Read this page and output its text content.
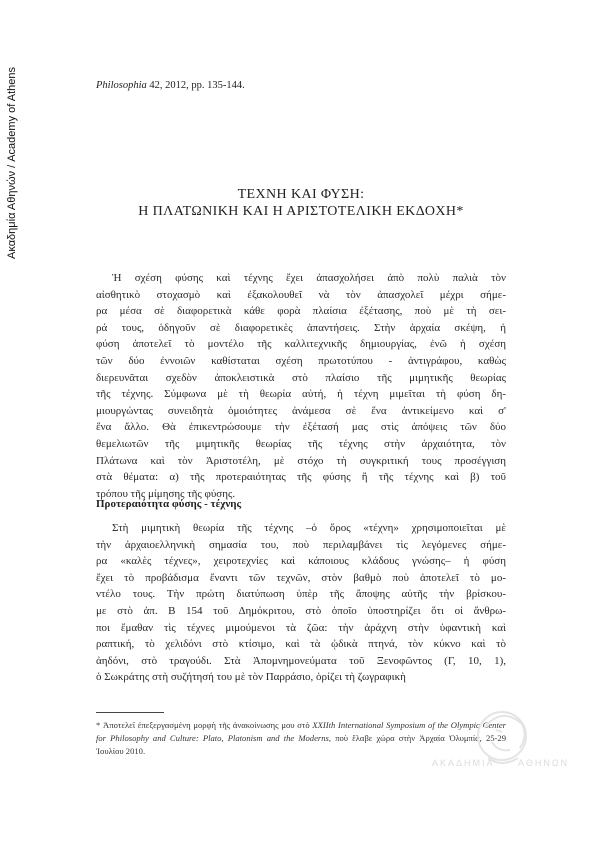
Ακαδημία Αθηνών / Academy of Athens	Philosophia 42, 2012, pp. 135-144.
ΤΕΧΝΗ ΚΑΙ ΦΥΣΗ:
Η ΠΛΑΤΩΝΙΚΗ ΚΑΙ Η ΑΡΙΣΤΟΤΕΛΙΚΗ ΕΚΔΟΧΗ*
Ἡ σχέση φύσης καὶ τέχνης ἔχει ἀπασχολήσει ἀπὸ πολὺ παλιὰ τὸν
αἰσθητικὸ στοχασμὸ καὶ ἐξακολουθεῖ νὰ τὸν ἀπασχολεῖ μέχρι σήμε-
ρα μέσα σὲ διαφορετικὰ κάθε φορὰ πλαίσια ἐξέτασης, ποὺ μὲ τὴ σει-
ρά τους, ὁδηγοῦν σὲ διαφορετικὲς ἀπαντήσεις. Στὴν ἀρχαία σκέψη, ἡ
φύση ἀποτελεῖ τὸ μοντέλο τῆς καλλιτεχνικῆς δημιουργίας, ἐνῶ ἡ σχέση
τῶν δύο ἐννοιῶν καθίσταται σχέση πρωτοτύπου - ἀντιγράφου, καθὼς
διερευνᾶται σχεδὸν ἀποκλειστικὰ στὸ πλαίσιο τῆς μιμητικῆς θεωρίας
τῆς τέχνης. Σύμφωνα μὲ τὴ θεωρία αὐτή, ἡ τέχνη μιμεῖται τὴ φύση δη-
μιουργώντας συνειδητὰ ὁμοιότητες ἀνάμεσα σὲ ἕνα ἀντικείμενο καὶ σ'
ἕνα ἄλλο. Θὰ ἐπικεντρώσουμε τὴν ἐξέτασή μας στὶς ἀπόψεις τῶν δύο
θεμελιωτῶν τῆς μιμητικῆς θεωρίας τῆς τέχνης στὴν ἀρχαιότητα, τὸν
Πλάτωνα καὶ τὸν Ἀριστοτέλη, μὲ στόχο τὴ συγκριτική τους προσέγγιση
στὰ θέματα: α) τῆς προτεραιότητας τῆς φύσης ἢ τῆς τέχνης καὶ β) τοῦ
τρόπου τῆς μίμησης τῆς φύσης.
Προτεραιότητα φύσης - τέχνης
Στὴ μιμητικὴ θεωρία τῆς τέχνης –ὁ ὅρος «τέχνη» χρησιμοποιεῖται μὲ
τὴν ἀρχαιοελληνικὴ σημασία του, ποὺ περιλαμβάνει τὶς λεγόμενες σήμε-
ρα «καλὲς τέχνες», χειροτεχνίες καὶ κάποιους κλάδους γνώσης– ἡ φύση
ἔχει τὸ προβάδισμα ἔναντι τῶν τεχνῶν, στὸν βαθμὸ ποὺ ἀποτελεῖ τὸ μο-
ντέλο τους. Τὴν πρώτη διατύπωση ὑπὲρ τῆς ἄποψης αὐτῆς τὴν βρίσκου-
με στὸ ἀπ. Β 154 τοῦ Δημόκριτου, στὸ ὁποῖο ὑποστηρίζει ὅτι οἱ ἄνθρω-
ποι ἔμαθαν τὶς τέχνες μιμούμενοι τὰ ζῶα: τὴν ἀράχνη στὴν ὑφαντικὴ καὶ
ραπτική, τὸ χελιδόνι στὸ κτίσιμο, καὶ τὰ ᾠδικὰ πτηνά, τὸν κύκνο καὶ τὸ
ἀηδόνι, στὸ τραγούδι. Στὰ Ἀπομνημονεύματα τοῦ Ξενοφῶντος (Γ, 10, 1),
ὁ Σωκράτης στὴ συζήτησή του μὲ τὸν Παρράσιο, ὁρίζει τὴ ζωγραφικὴ
* Ἀποτελεῖ ἐπεξεργασμένη μορφὴ τῆς ἀνακοίνωσης μου στὸ XXIIth International Symposium of the Olympic Center for Philosophy and Culture: Plato, Platonism and the Moderns, ποὺ ἔλαβε χώρα στὴν Ἀρχαία Ὀλυμπία, 25-29 Ἰουλίου 2010.
ΑΚΑΔΗΜΙΑ	ΑΘΗΝΩΝ
